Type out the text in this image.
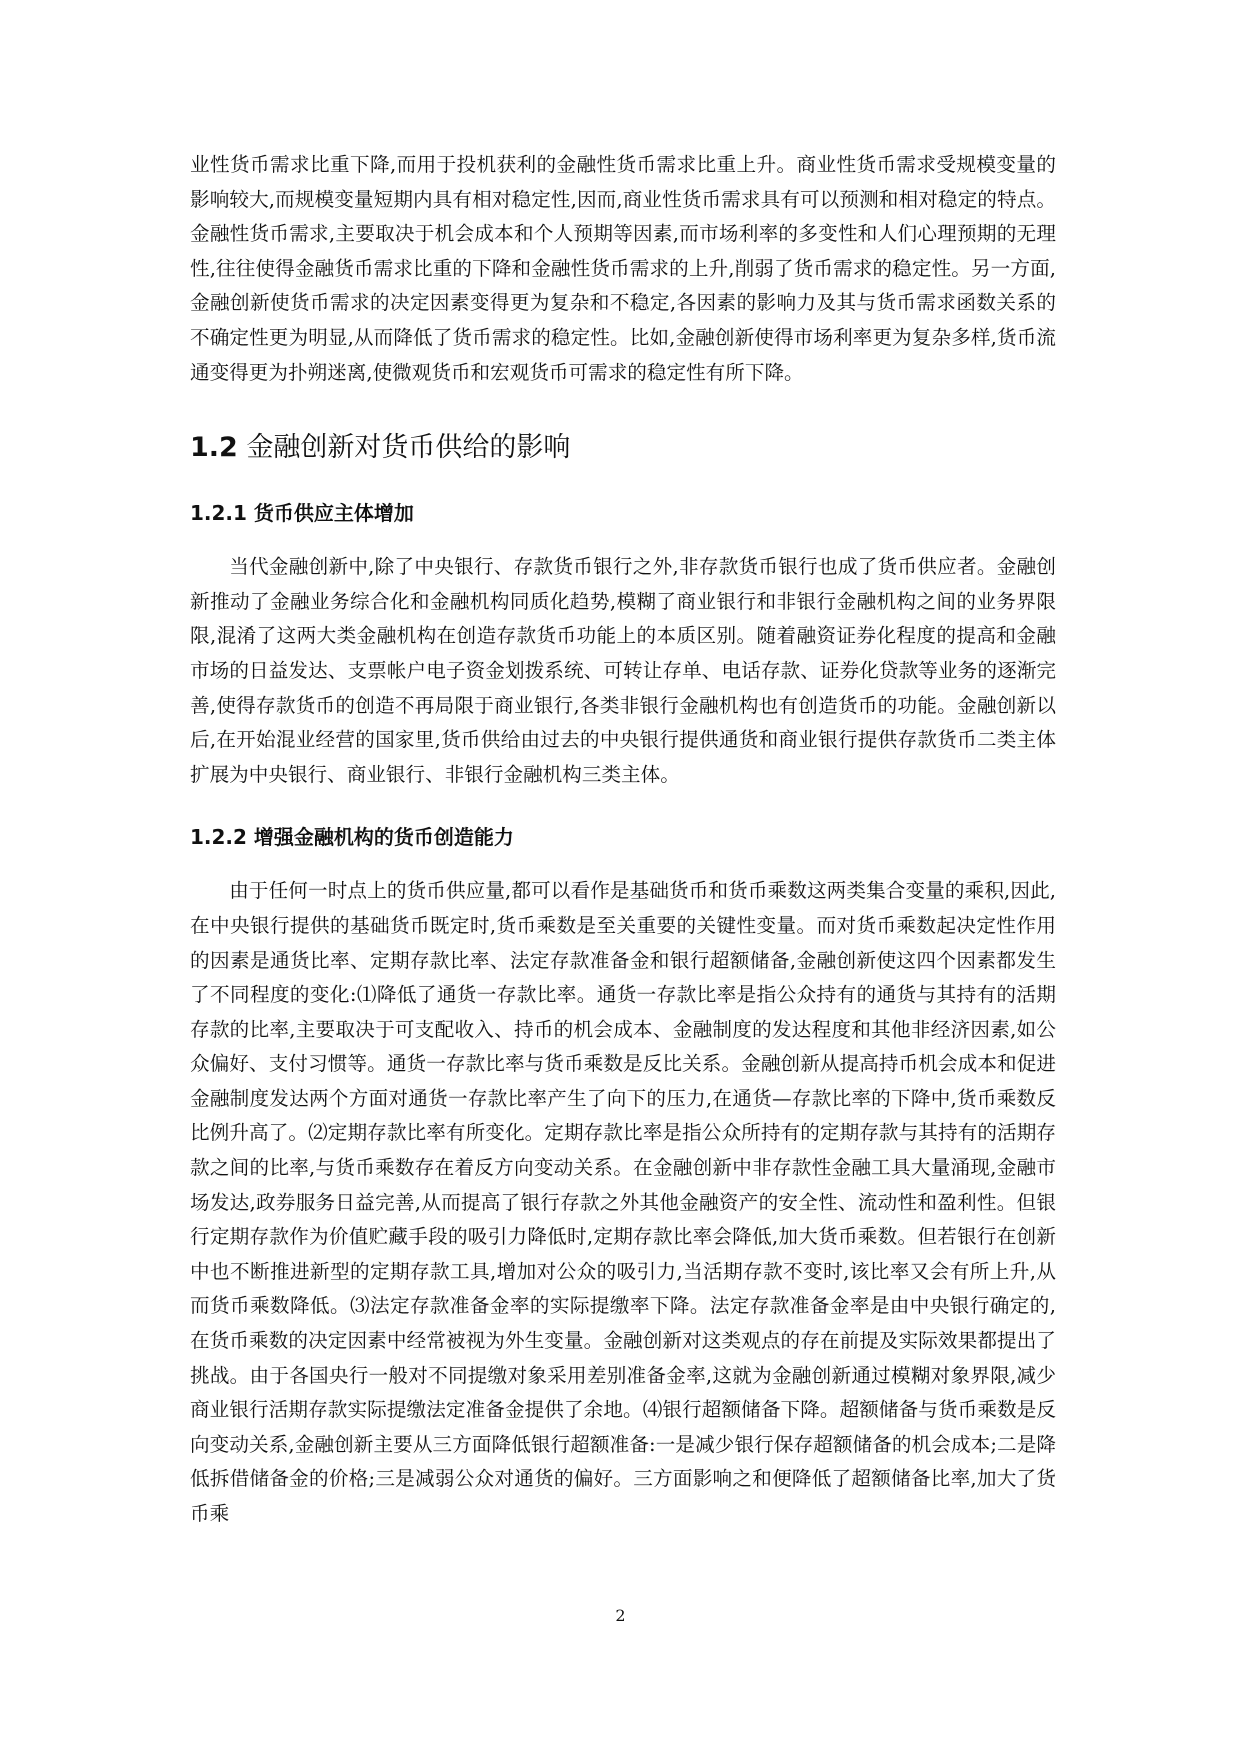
业性货币需求比重下降,而用于投机获利的金融性货币需求比重上升。商业性货币需求受规模变量的影响较大,而规模变量短期内具有相对稳定性,因而,商业性货币需求具有可以预测和相对稳定的特点。金融性货币需求,主要取决于机会成本和个人预期等因素,而市场利率的多变性和人们心理预期的无理性,往往使得金融货币需求比重的下降和金融性货币需求的上升,削弱了货币需求的稳定性。另一方面,金融创新使货币需求的决定因素变得更为复杂和不稳定,各因素的影响力及其与货币需求函数关系的不确定性更为明显,从而降低了货币需求的稳定性。比如,金融创新使得市场利率更为复杂多样,货币流通变得更为扑朔迷离,使微观货币和宏观货币可需求的稳定性有所下降。

1.2 金融创新对货币供给的影响
1.2.1 货币供应主体增加

当代金融创新中,除了中央银行、存款货币银行之外,非存款货币银行也成了货币供应者。金融创新推动了金融业务综合化和金融机构同质化趋势,模糊了商业银行和非银行金融机构之间的业务界限限,混淆了这两大类金融机构在创造存款货币功能上的本质区别。随着融资证券化程度的提高和金融市场的日益发达、支票帐户电子资金划拨系统、可转让存单、电话存款、证券化贷款等业务的逐渐完善,使得存款货币的创造不再局限于商业银行,各类非银行金融机构也有创造货币的功能。金融创新以后,在开始混业经营的国家里,货币供给由过去的中央银行提供通货和商业银行提供存款货币二类主体扩展为中央银行、商业银行、非银行金融机构三类主体。

1.2.2 增强金融机构的货币创造能力

由于任何一时点上的货币供应量,都可以看作是基础货币和货币乘数这两类集合变量的乘积,因此,在中央银行提供的基础货币既定时,货币乘数是至关重要的关键性变量。而对货币乘数起决定性作用的因素是通货比率、定期存款比率、法定存款准备金和银行超额储备,金融创新使这四个因素都发生了不同程度的变化:⑴降低了通货一存款比率。通货一存款比率是指公众持有的通货与其持有的活期存款的比率,主要取决于可支配收入、持币的机会成本、金融制度的发达程度和其他非经济因素,如公众偏好、支付习惯等。通货一存款比率与货币乘数是反比关系。金融创新从提高持币机会成本和促进金融制度发达两个方面对通货一存款比率产生了向下的压力,在通货—存款比率的下降中,货币乘数反比例升高了。⑵定期存款比率有所变化。定期存款比率是指公众所持有的定期存款与其持有的活期存款之间的比率,与货币乘数存在着反方向变动关系。在金融创新中非存款性金融工具大量涌现,金融市场发达,政券服务日益完善,从而提高了银行存款之外其他金融资产的安全性、流动性和盈利性。但银行定期存款作为价值贮藏手段的吸引力降低时,定期存款比率会降低,加大货币乘数。但若银行在创新中也不断推进新型的定期存款工具,增加对公众的吸引力,当活期存款不变时,该比率又会有所上升,从而货币乘数降低。⑶法定存款准备金率的实际提缴率下降。法定存款准备金率是由中央银行确定的,在货币乘数的决定因素中经常被视为外生变量。金融创新对这类观点的存在前提及实际效果都提出了挑战。由于各国央行一般对不同提缴对象采用差别准备金率,这就为金融创新通过模糊对象界限,减少商业银行活期存款实际提缴法定准备金提供了余地。⑷银行超额储备下降。超额储备与货币乘数是反向变动关系,金融创新主要从三方面降低银行超额准备:一是减少银行保存超额储备的机会成本;二是降低拆借储备金的价格;三是减弱公众对通货的偏好。三方面影响之和便降低了超额储备比率,加大了货币乘

2
